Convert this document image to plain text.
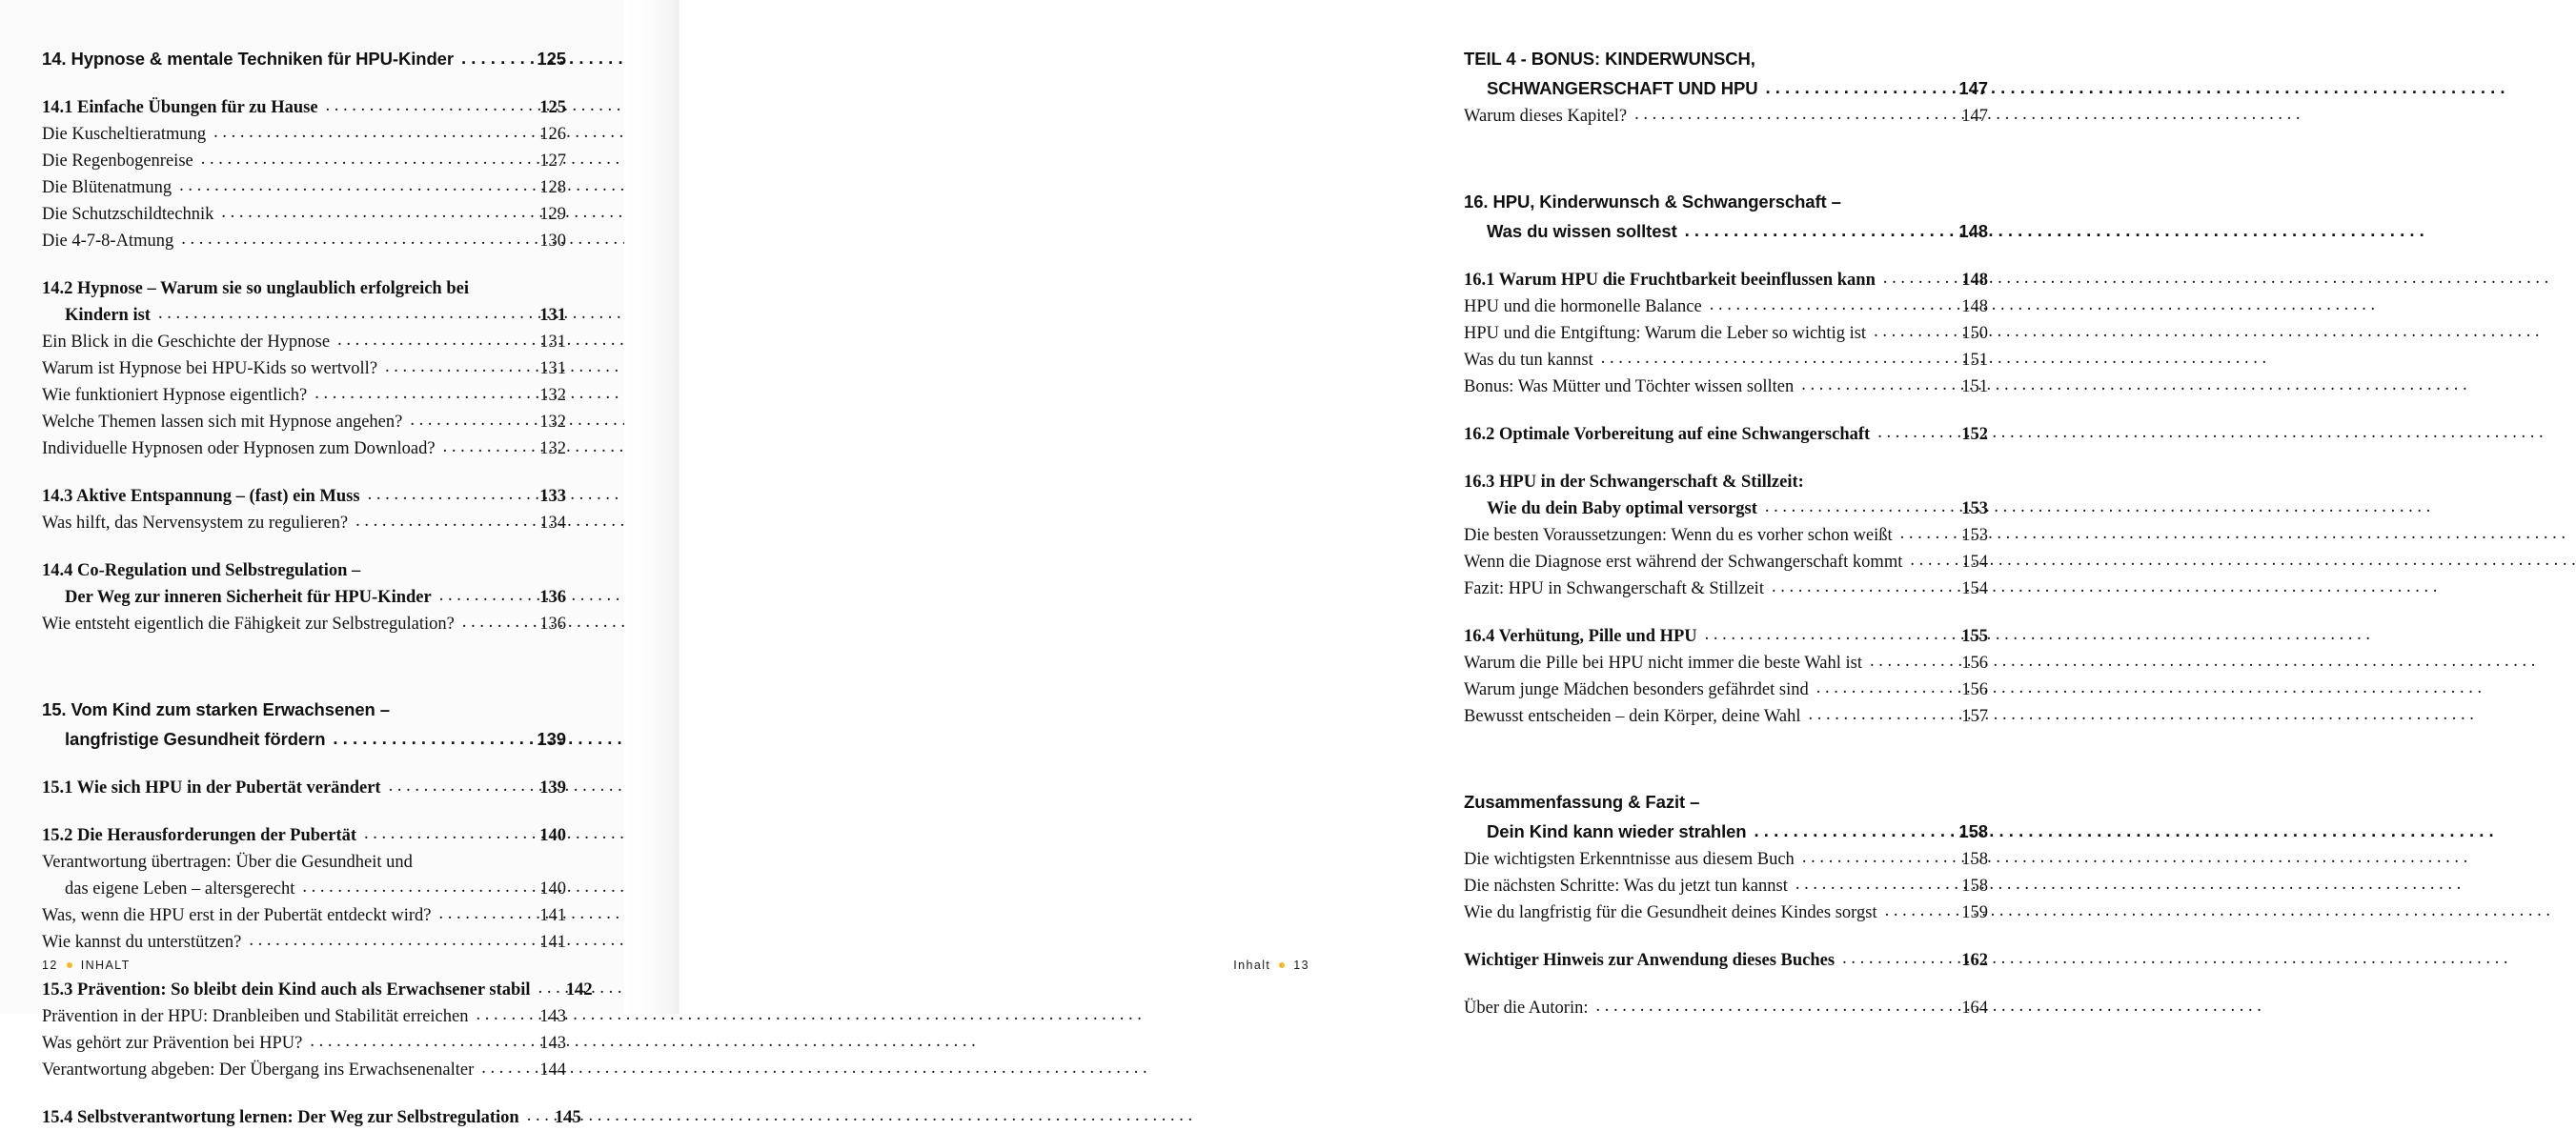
14. Hypnose & mentale Techniken für HPU-Kinder . . .	125
14.1 Einfache Übungen für zu Hause . . .	125
Die Kuscheltieratmung . . .	126
Die Regenbogenreise . . .	127
Die Blütenatmung . . .	128
Die Schutzschildtechnik . . .	129
Die 4-7-8-Atmung . . .	130
14.2 Hypnose – Warum sie so unglaublich erfolgreich bei
Kindern ist . . .	131
Ein Blick in die Geschichte der Hypnose . . .	131
Warum ist Hypnose bei HPU-Kids so wertvoll? . . .	131
Wie funktioniert Hypnose eigentlich? . . .	132
Welche Themen lassen sich mit Hypnose angehen? . . .	132
Individuelle Hypnosen oder Hypnosen zum Download? . . .	132
14.3 Aktive Entspannung – (fast) ein Muss . . .	133
Was hilft, das Nervensystem zu regulieren? . . .	134
14.4 Co-Regulation und Selbstregulation –
Der Weg zur inneren Sicherheit für HPU-Kinder . . .	136
Wie entsteht eigentlich die Fähigkeit zur Selbstregulation? . . .	136
15. Vom Kind zum starken Erwachsenen –
langfristige Gesundheit fördern . . .	139
15.1 Wie sich HPU in der Pubertät verändert . . .	139
15.2 Die Herausforderungen der Pubertät . . .	140
Verantwortung übertragen: Über die Gesundheit und
das eigene Leben – altersgerecht . . .	140
Was, wenn die HPU erst in der Pubertät entdeckt wird? . . .	141
Wie kannst du unterstützen? . . .	141
15.3 Prävention: So bleibt dein Kind auch als Erwachsener stabil . . .	142
Prävention in der HPU: Dranbleiben und Stabilität erreichen . . .	143
Was gehört zur Prävention bei HPU? . . .	143
Verantwortung abgeben: Der Übergang ins Erwachsenenalter . . .	144
15.4 Selbstverantwortung lernen: Der Weg zur Selbstregulation . . .	145
12 INHALT
TEIL 4 - BONUS: KINDERWUNSCH,
SCHWANGERSCHAFT UND HPU . . .	147
Warum dieses Kapitel? . . .	147
16. HPU, Kinderwunsch & Schwangerschaft –
Was du wissen solltest . . .	148
16.1 Warum HPU die Fruchtbarkeit beeinflussen kann . . .	148
HPU und die hormonelle Balance . . .	148
HPU und die Entgiftung: Warum die Leber so wichtig ist . . .	150
Was du tun kannst . . .	151
Bonus: Was Mütter und Töchter wissen sollten . . .	151
16.2 Optimale Vorbereitung auf eine Schwangerschaft . . .	152
16.3 HPU in der Schwangerschaft & Stillzeit:
Wie du dein Baby optimal versorgst . . .	153
Die besten Voraussetzungen: Wenn du es vorher schon weißt . . .	153
Wenn die Diagnose erst während der Schwangerschaft kommt . . .	154
Fazit: HPU in Schwangerschaft & Stillzeit . . .	154
16.4 Verhütung, Pille und HPU . . .	155
Warum die Pille bei HPU nicht immer die beste Wahl ist . . .	156
Warum junge Mädchen besonders gefährdet sind . . .	156
Bewusst entscheiden – dein Körper, deine Wahl . . .	157
Zusammenfassung & Fazit –
Dein Kind kann wieder strahlen . . .	158
Die wichtigsten Erkenntnisse aus diesem Buch . . .	158
Die nächsten Schritte: Was du jetzt tun kannst . . .	158
Wie du langfristig für die Gesundheit deines Kindes sorgst . . .	159
Wichtiger Hinweis zur Anwendung dieses Buches . . .	162
Über die Autorin: . . .	164
Inhalt 13
